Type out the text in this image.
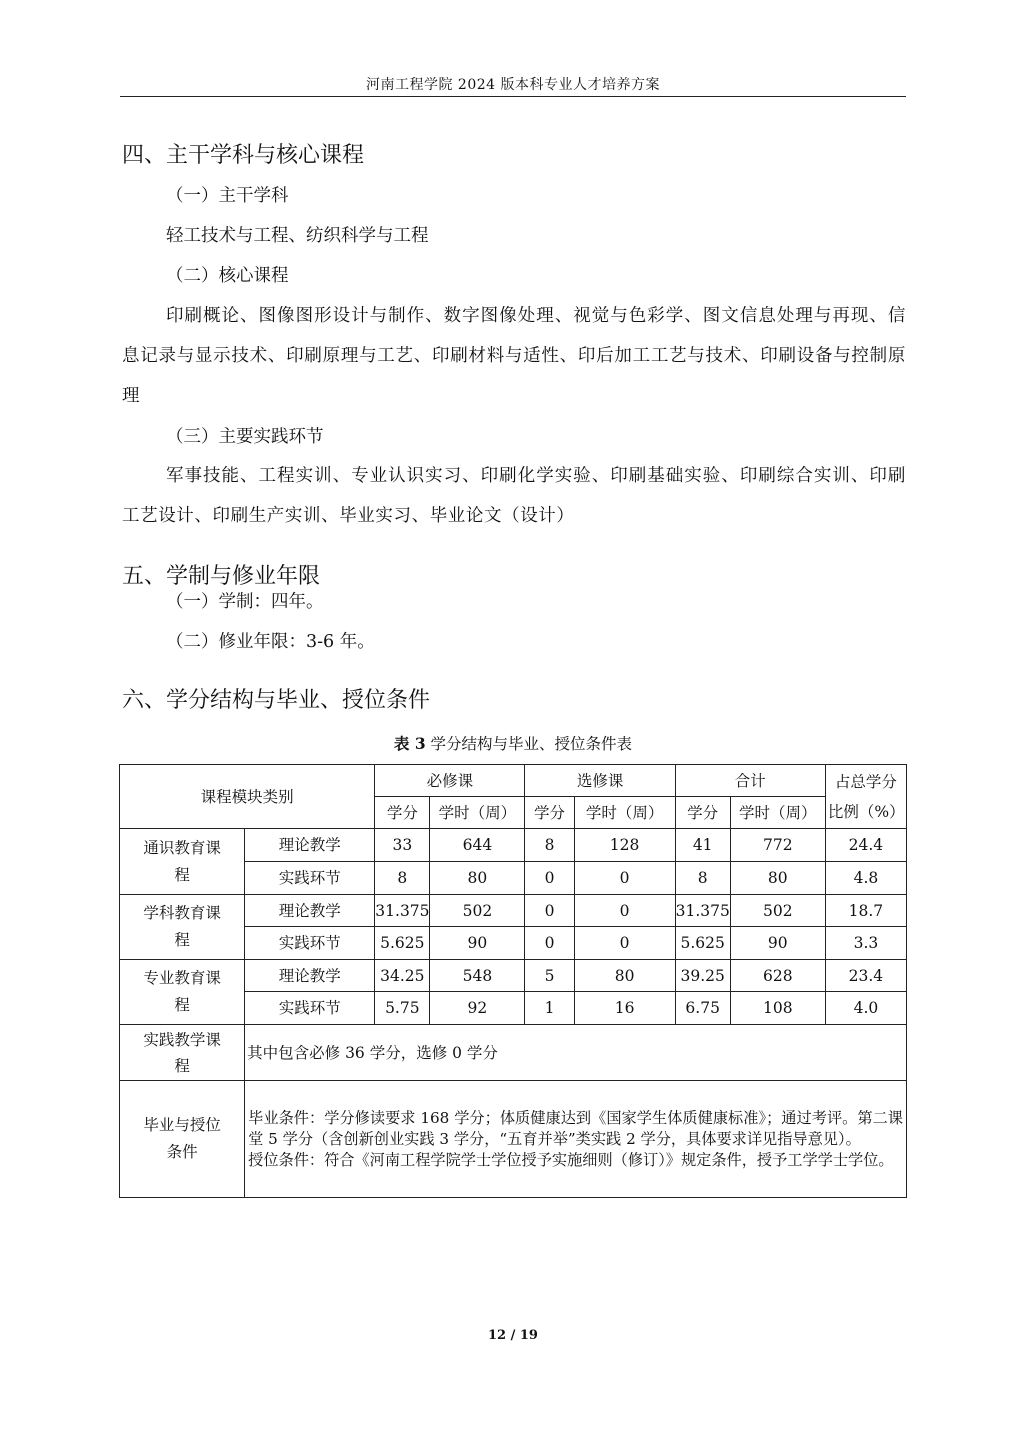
河南工程学院 2024 版本科专业人才培养方案
四、主干学科与核心课程

（一）主干学科

轻工技术与工程、纺织科学与工程

（二）核心课程

印刷概论、图像图形设计与制作、数字图像处理、视觉与色彩学、图文信息处理与再现、信息记录与显示技术、印刷原理与工艺、印刷材料与适性、印后加工工艺与技术、印刷设备与控制原理

（三）主要实践环节

军事技能、工程实训、专业认识实习、印刷化学实验、印刷基础实验、印刷综合实训、印刷工艺设计、印刷生产实训、毕业实习、毕业论文（设计）

五、学制与修业年限

（一）学制：四年。

（二）修业年限：3-6 年。

六、学分结构与毕业、授位条件
表 3 学分结构与毕业、授位条件表
课程模块类别		必修课		选修课		合计		占总学分比例（%）
		学分	学时（周）	学分	学时（周）	学分	学时（周）	
通识教育课程	理论教学	33	644	8	128	41	772	24.4
	实践环节	8	80	0	0	8	80	4.8
学科教育课程	理论教学	31.375	502	0	0	31.375	502	18.7
	实践环节	5.625	90	0	0	5.625	90	3.3
专业教育课程	理论教学	34.25	548	5	80	39.25	628	23.4
	实践环节	5.75	92	1	16	6.75	108	4.0
实践教学课程	其中包含必修 36 学分，选修 0 学分							
毕业与授位条件	毕业条件：学分修读要求 168 学分；体质健康达到《国家学生体质健康标准》；通过考评。第二课堂 5 学分（含创新创业实践 3 学分，“五育并举”类实践 2 学分，具体要求详见指导意见）。
授位条件：符合《河南工程学院学士学位授予实施细则（修订）》规定条件，授予工学学士学位。							
12 / 19
